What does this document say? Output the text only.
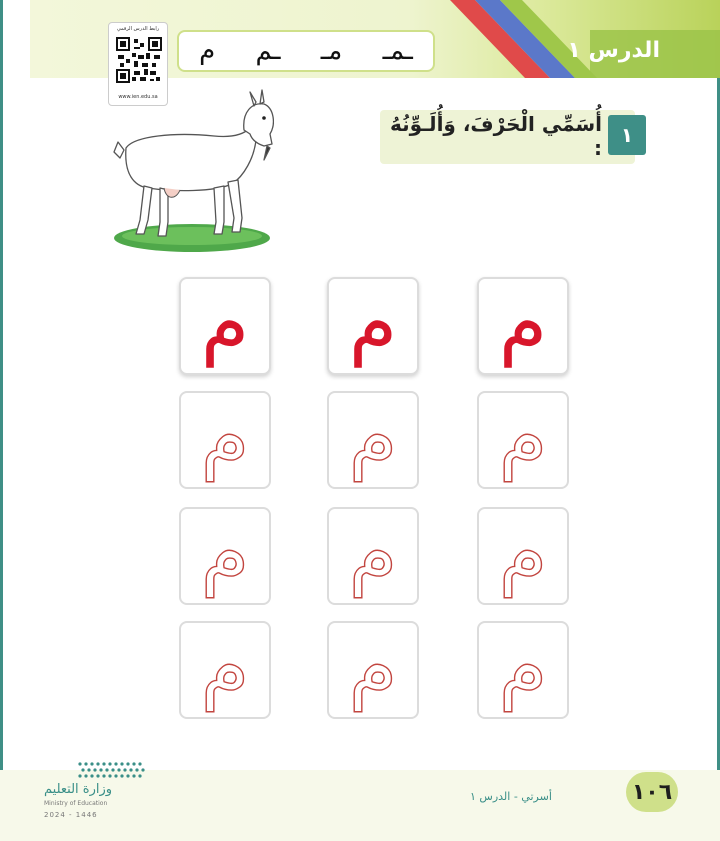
الدرس ١
ـمـ
مـ
ـم
م
رابط الدرس الرقمي
www.ien.edu.sa
١
أُسَمِّي الْحَرْفَ، وَأُلَـوِّنُهُ :
م م م
م م م
م م م
م م م
وزارة التعليم
Ministry of Education
2024 - 1446
أسرتي - الدرس ١	١٠٦
